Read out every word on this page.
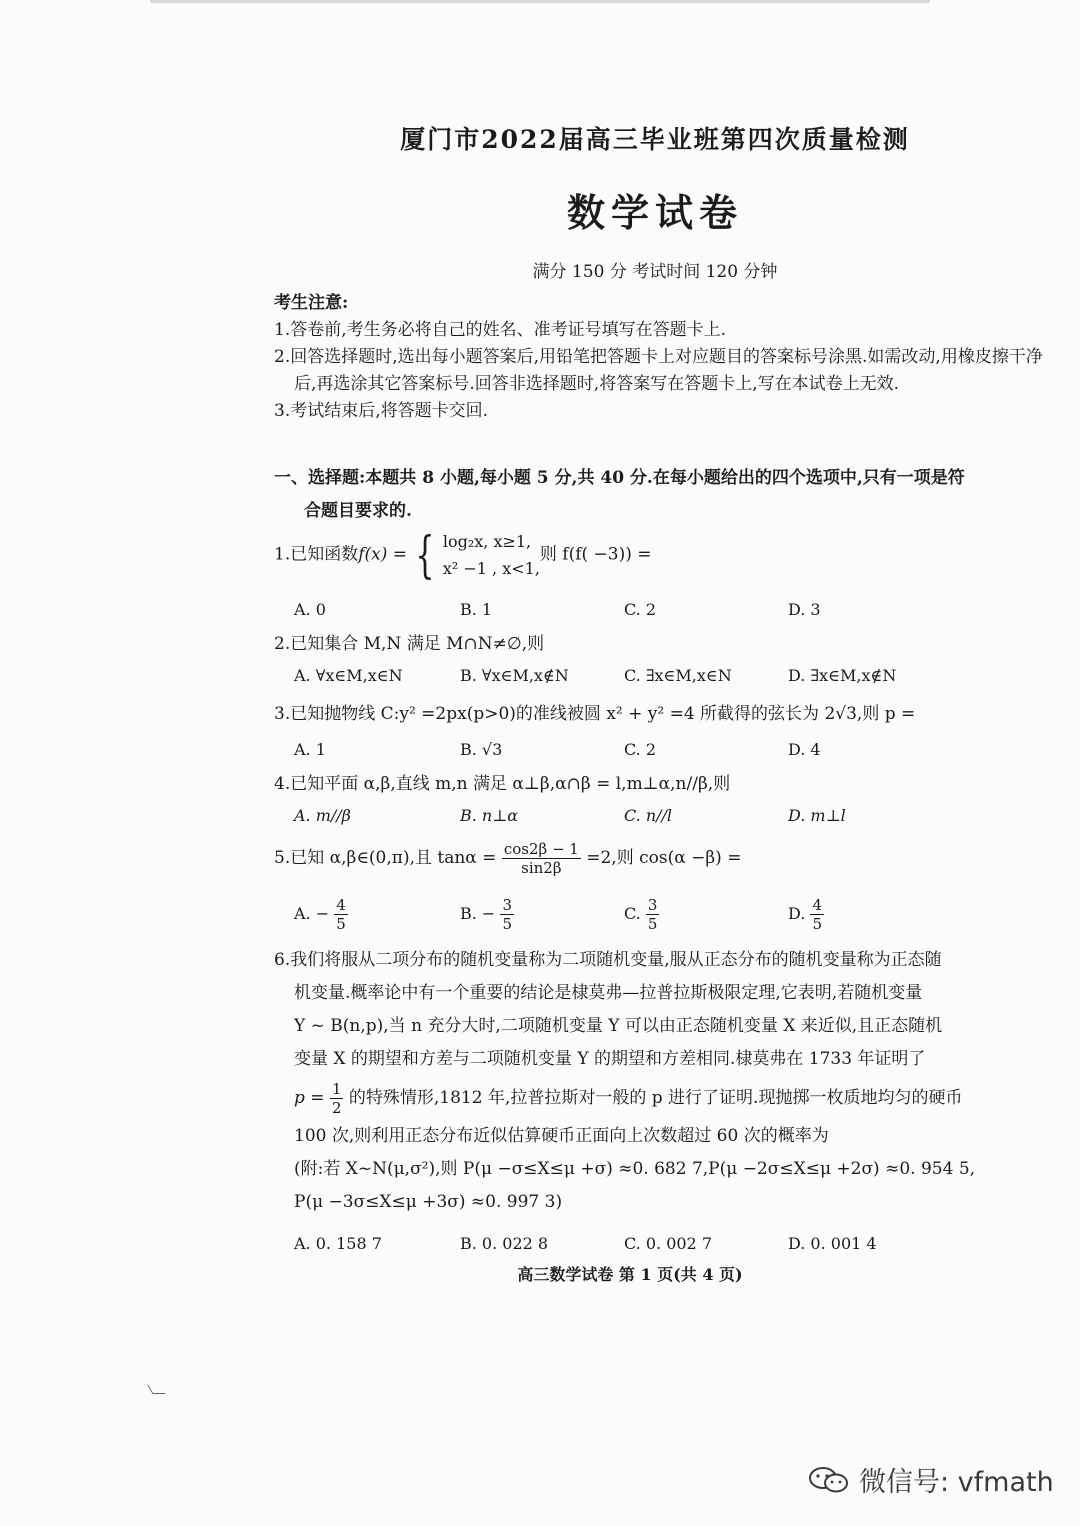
厦门市2022届高三毕业班第四次质量检测
数学试卷
满分 150 分 考试时间 120 分钟
考生注意:
1.答卷前,考生务必将自己的姓名、准考证号填写在答题卡上.
2.回答选择题时,选出每小题答案后,用铅笔把答题卡上对应题目的答案标号涂黑.如需改动,用橡皮擦干净后,再选涂其它答案标号.回答非选择题时,将答案写在答题卡上,写在本试卷上无效.
3.考试结束后,将答题卡交回.
一、选择题:本题共 8 小题,每小题 5 分,共 40 分.在每小题给出的四个选项中,只有一项是符
合题目要求的.
1.已知函数f(x) = { log₂x, x≥1,
x² −1 , x<1,
则 f(f( −3)) =
A. 0	B. 1	C. 2	D. 3
2.已知集合 M,N 满足 M∩N≠∅,则
A. ∀x∈M,x∈N	B. ∀x∈M,x∉N	C. ∃x∈M,x∈N	D. ∃x∈M,x∉N
3.已知抛物线 C:y² =2px(p>0)的准线被圆 x² + y² =4 所截得的弦长为 2√3,则 p =
A. 1	B. √3	C. 2	D. 4
4.已知平面 α,β,直线 m,n 满足 α⊥β,α∩β = l,m⊥α,n//β,则
A. m//β	B. n⊥α	C. n//l	D. m⊥l
5.已知 α,β∈(0,π),且 $\tan\alpha = \frac{\cos 2\beta - 1}{\sin 2\beta} =2$,则 cos(α −β) =
A. − $\frac{4}{5}$	B. − $\frac{3}{5}$	C. $\frac{3}{5}$	D. $\frac{4}{5}$

6.我们将服从二项分布的随机变量称为二项随机变量,服从正态分布的随机变量称为正态随

机变量.概率论中有一个重要的结论是棣莫弗—拉普拉斯极限定理,它表明,若随机变量

Y ~ B(n,p),当 n 充分大时,二项随机变量 Y 可以由正态随机变量 X 来近似,且正态随机

变量 X 的期望和方差与二项随机变量 Y 的期望和方差相同.棣莫弗在 1733 年证明了

$p = \frac{1}{2}$ 的特殊情形,1812 年,拉普拉斯对一般的 p 进行了证明.现抛掷一枚质地均匀的硬币

100 次,则利用正态分布近似估算硬币正面向上次数超过 60 次的概率为

(附:若 X~N(μ,σ²),则 P(μ −σ≤X≤μ +σ) ≈0. 682 7,P(μ −2σ≤X≤μ +2σ) ≈0. 954 5,

P(μ −3σ≤X≤μ +3σ) ≈0. 997 3)

A. 0. 158 7	B. 0. 022 8	C. 0. 002 7	D. 0. 001 4
高三数学试卷 第 1 页(共 4 页)
微信号: vfmath
